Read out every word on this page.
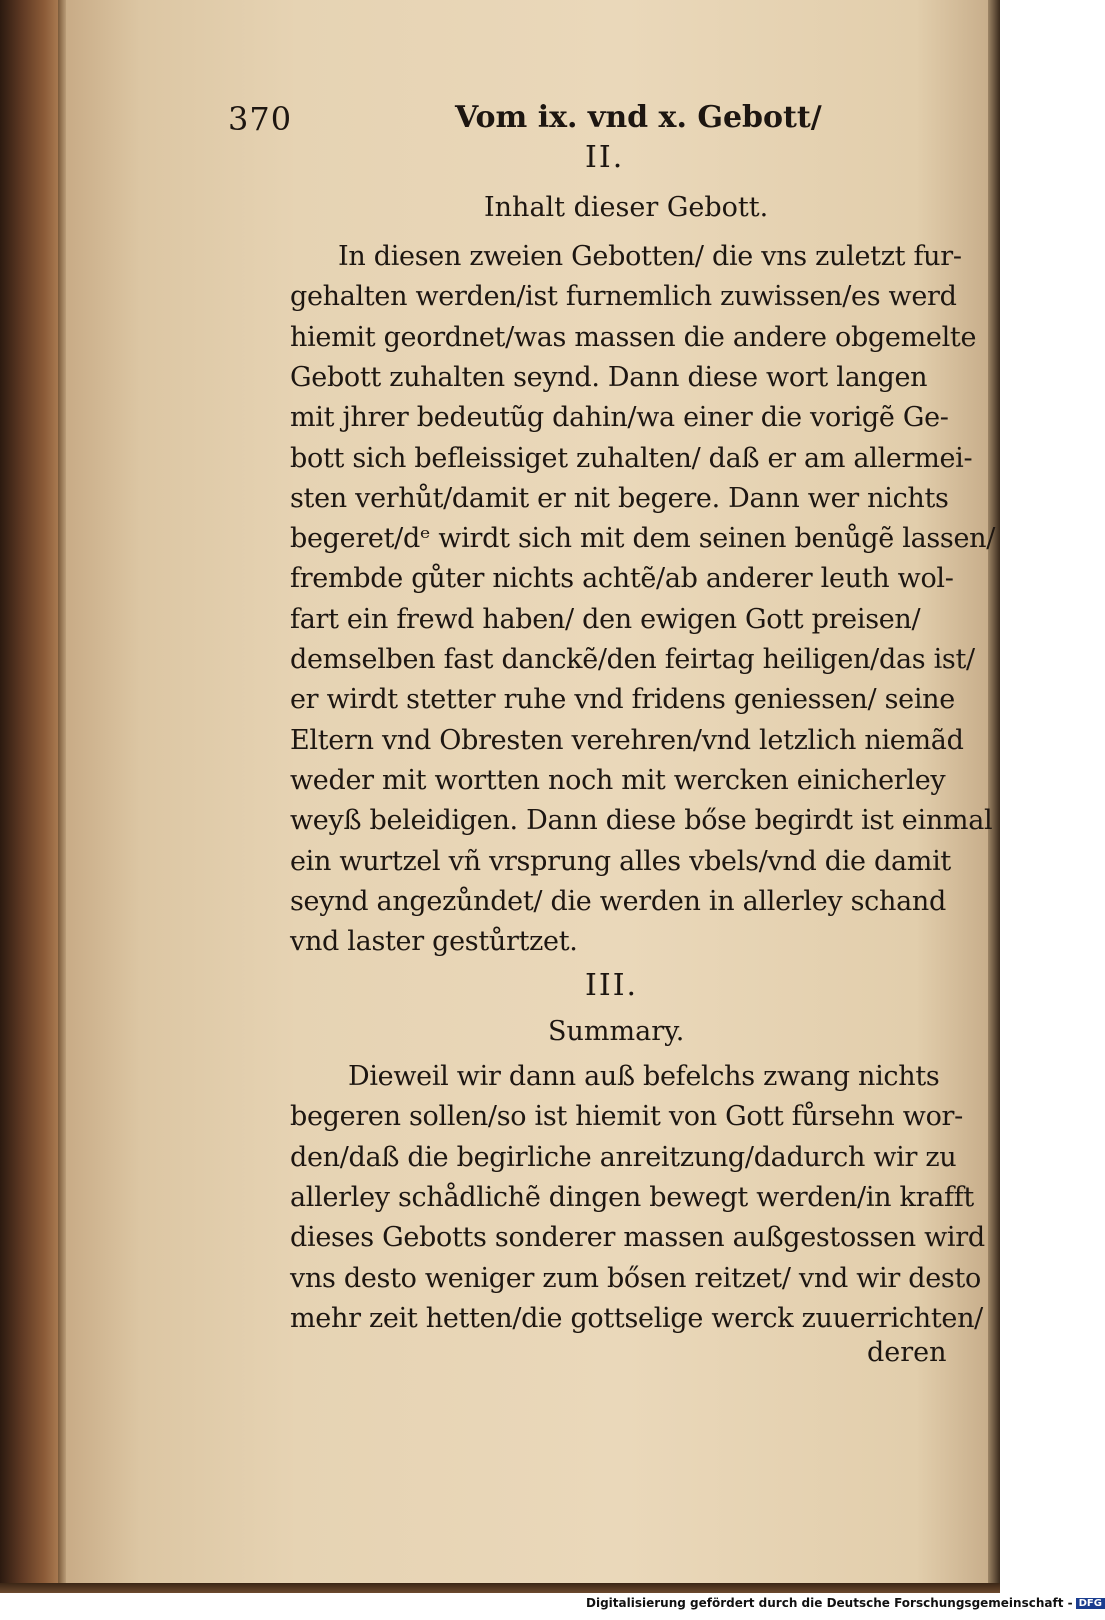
370	Vom ix. vnd x. Gebott/
II.
Inhalt dieser Gebott.
In diesen zweien Gebotten/ die vns zuletzt fur-
gehalten werden/ist furnemlich zuwissen/es werd
hiemit geordnet/was massen die andere obgemelte
Gebott zuhalten seynd. Dann diese wort langen
mit jhrer bedeutũg dahin/wa einer die vorigẽ Ge-
bott sich befleissiget zuhalten/ daß er am allermei-
sten verhůt/damit er nit begere. Dann wer nichts
begeret/dᵉ wirdt sich mit dem seinen benůgẽ lassen/
frembde gůter nichts achtẽ/ab anderer leuth wol-
fart ein frewd haben/ den ewigen Gott preisen/
demselben fast danckẽ/den feirtag heiligen/das ist/
er wirdt stetter ruhe vnd fridens geniessen/ seine
Eltern vnd Obresten verehren/vnd letzlich niemãd
weder mit wortten noch mit wercken einicherley
weyß beleidigen. Dann diese bőse begirdt ist einmal
ein wurtzel vñ vrsprung alles vbels/vnd die damit
seynd angezůndet/ die werden in allerley schand
vnd laster gestůrtzet.
III.
Summary.
Dieweil wir dann auß befelchs zwang nichts
begeren sollen/so ist hiemit von Gott fůrsehn wor-
den/daß die begirliche anreitzung/dadurch wir zu
allerley schådlichẽ dingen bewegt werden/in krafft
dieses Gebotts sonderer massen außgestossen wird
vns desto weniger zum bősen reitzet/ vnd wir desto
mehr zeit hetten/die gottselige werck zuuerrichten/
deren
Digitalisierung gefördert durch die Deutsche Forschungsgemeinschaft - DFG
